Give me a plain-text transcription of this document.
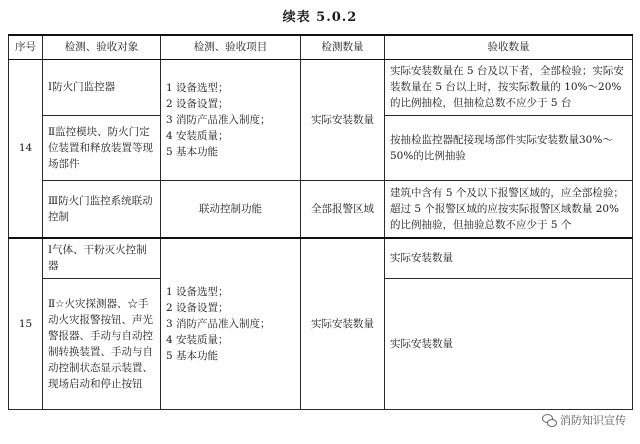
续表 5.0.2
序号	检测、验收对象	检测、验收项目	检测数量	验收数量
14	Ⅰ防火门监控器	1 设备选型；
2 设备设置；
3 消防产品准入制度；
4 安装质量；
5 基本功能	实际安装数量	实际安装数量在 5 台及以下者，全部检验；实际安装数量在 5 台以上时，按实际数量的 10%～20%的比例抽检，但抽检总数不应少于 5 台
	Ⅱ监控模块、防火门定位装置和释放装置等现场部件			按抽检监控器配接现场部件实际安装数量30%～50%的比例抽验
	Ⅲ防火门监控系统联动控制	联动控制功能	全部报警区域	建筑中含有 5 个及以下报警区域的，应全部检验；超过 5 个报警区域的应按实际报警区域数量 20%的比例抽验，但抽验总数不应少于 5 个
15	Ⅰ气体、干粉灭火控制器	1 设备选型；
2 设备设置；
3 消防产品准入制度；
4 安装质量；
5 基本功能	实际安装数量	实际安装数量
	Ⅱ☆火灾探测器、☆手动火灾报警按钮、声光警报器、手动与自动控制转换装置、手动与自动控制状态显示装置、现场启动和停止按钮			实际安装数量
消防知识宣传
